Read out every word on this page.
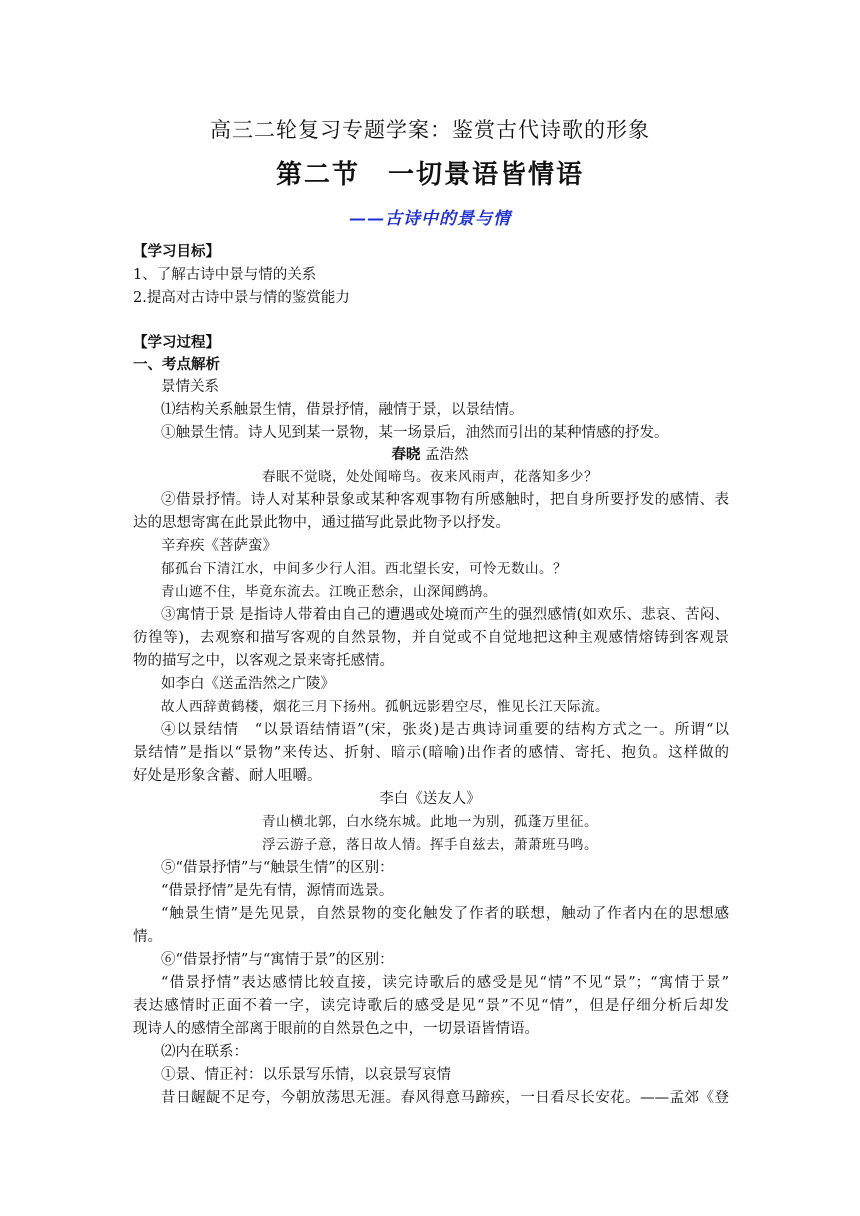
高三二轮复习专题学案：鉴赏古代诗歌的形象
第二节　一切景语皆情语
——古诗中的景与情
【学习目标】
1、了解古诗中景与情的关系
2.提高对古诗中景与情的鉴赏能力
【学习过程】
一、考点解析
景情关系
⑴结构关系触景生情，借景抒情，融情于景，以景结情。
①触景生情。诗人见到某一景物，某一场景后，油然而引出的某种情感的抒发。
春晓 孟浩然
春眠不觉晓，处处闻啼鸟。夜来风雨声，花落知多少？
②借景抒情。诗人对某种景象或某种客观事物有所感触时，把自身所要抒发的感情、表
达的思想寄寓在此景此物中，通过描写此景此物予以抒发。
辛弃疾《菩萨蛮》
郁孤台下清江水，中间多少行人泪。西北望长安，可怜无数山。？
青山遮不住，毕竟东流去。江晚正愁余，山深闻鹧鸪。
③寓情于景 是指诗人带着由自己的遭遇或处境而产生的强烈感情(如欢乐、悲哀、苦闷、
彷徨等)，去观察和描写客观的自然景物，并自觉或不自觉地把这种主观感情熔铸到客观景
物的描写之中，以客观之景来寄托感情。
如李白《送孟浩然之广陵》
故人西辞黄鹤楼，烟花三月下扬州。孤帆远影碧空尽，惟见长江天际流。
④以景结情　“以景语结情语”(宋，张炎)是古典诗词重要的结构方式之一。所谓“以
景结情”是指以“景物”来传达、折射、暗示(暗喻)出作者的感情、寄托、抱负。这样做的
好处是形象含蓄、耐人咀嚼。
李白《送友人》
青山横北郭，白水绕东城。此地一为别，孤蓬万里征。
浮云游子意，落日故人情。挥手自兹去，萧萧班马鸣。
⑤“借景抒情”与“触景生情”的区别：
“借景抒情”是先有情，源情而选景。
“触景生情”是先见景，自然景物的变化触发了作者的联想，触动了作者内在的思想感
情。
⑥“借景抒情”与“寓情于景”的区别：
“借景抒情”表达感情比较直接，读完诗歌后的感受是见“情”不见“景”；“寓情于景”
表达感情时正面不着一字，读完诗歌后的感受是见“景”不见“情”，但是仔细分析后却发
现诗人的感情全部离于眼前的自然景色之中，一切景语皆情语。
⑵内在联系：
①景、情正衬：以乐景写乐情，以哀景写哀情
昔日龌龊不足夸，今朝放荡思无涯。春风得意马蹄疾，一日看尽长安花。——孟郊《登
